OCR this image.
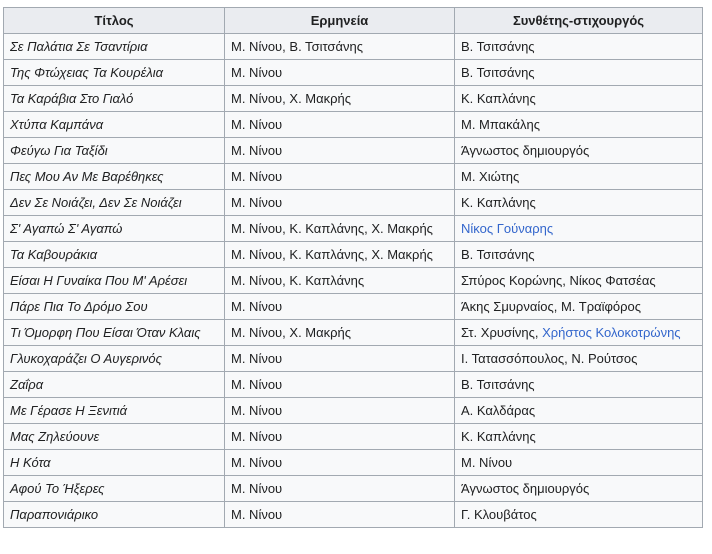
Τίτλος	Ερμηνεία	Συνθέτης-στιχουργός
Σε Παλάτια Σε Τσαντίρια	Μ. Νίνου, Β. Τσιτσάνης	Β. Τσιτσάνης
Της Φτώχειας Τα Κουρέλια	Μ. Νίνου	Β. Τσιτσάνης
Τα Καράβια Στο Γιαλό	Μ. Νίνου, Χ. Μακρής	Κ. Καπλάνης
Χτύπα Καμπάνα	Μ. Νίνου	Μ. Μπακάλης
Φεύγω Για Ταξίδι	Μ. Νίνου	Άγνωστος δημιουργός
Πες Μου Αν Με Βαρέθηκες	Μ. Νίνου	Μ. Χιώτης
Δεν Σε Νοιάζει, Δεν Σε Νοιάζει	Μ. Νίνου	Κ. Καπλάνης
Σ' Αγαπώ Σ' Αγαπώ	Μ. Νίνου, Κ. Καπλάνης, Χ. Μακρής	Νίκος Γούναρης
Τα Καβουράκια	Μ. Νίνου, Κ. Καπλάνης, Χ. Μακρής	Β. Τσιτσάνης
Είσαι Η Γυναίκα Που Μ' Αρέσει	Μ. Νίνου, Κ. Καπλάνης	Σπύρος Κορώνης, Νίκος Φατσέας
Πάρε Πια Το Δρόμο Σου	Μ. Νίνου	Άκης Σμυρναίος, Μ. Τραϊφόρος
Τι Όμορφη Που Είσαι Όταν Κλαις	Μ. Νίνου, Χ. Μακρής	Στ. Χρυσίνης, Χρήστος Κολοκοτρώνης
Γλυκοχαράζει Ο Αυγερινός	Μ. Νίνου	Ι. Τατασσόπουλος, Ν. Ρούτσος
Ζαΐρα	Μ. Νίνου	Β. Τσιτσάνης
Με Γέρασε Η Ξενιτιά	Μ. Νίνου	Α. Καλδάρας
Μας Ζηλεύουνε	Μ. Νίνου	Κ. Καπλάνης
Η Κότα	Μ. Νίνου	Μ. Νίνου
Αφού Το Ήξερες	Μ. Νίνου	Άγνωστος δημιουργός
Παραπονιάρικο	Μ. Νίνου	Γ. Κλουβάτος
